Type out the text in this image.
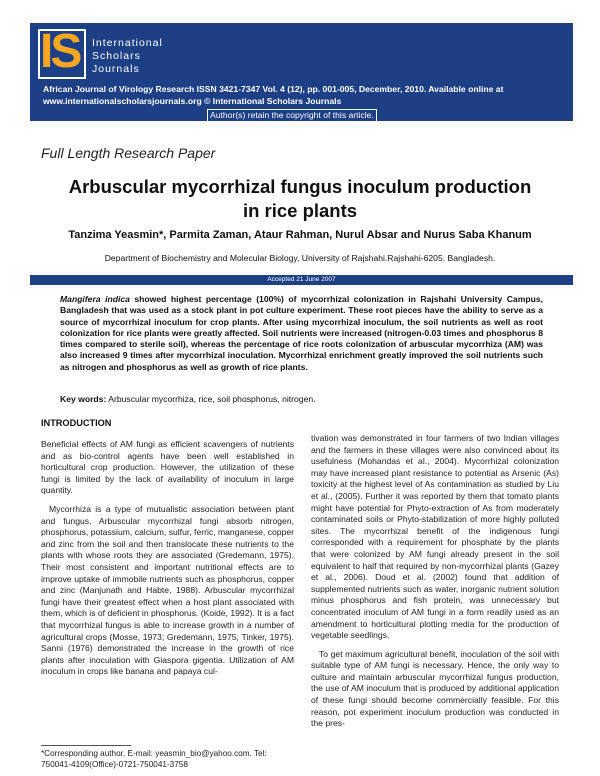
IS International
Scholars
Journals
African Journal of Virology Research ISSN 3421-7347 Vol. 4 (12), pp. 001-005, December, 2010. Available online at www.internationalscholarsjournals.org © International Scholars Journals
Author(s) retain the copyright of this article.
Full Length Research Paper
Arbuscular mycorrhizal fungus inoculum production in rice plants
Tanzima Yeasmin*, Parmita Zaman, Ataur Rahman, Nurul Absar and Nurus Saba Khanum
Department of Biochemistry and Molecular Biology, University of Rajshahi.Rajshahi-6205. Bangladesh.
Accepted 21 June 2007
Mangifera indica showed highest percentage (100%) of mycorrhizal colonization in Rajshahi University Campus, Bangladesh that was used as a stock plant in pot culture experiment. These root pieces have the ability to serve as a source of mycorrhizal inoculum for crop plants. After using mycorrhizal inoculum, the soil nutrients as well as root colonization for rice plants were greatly affected. Soil nutrients were increased (nitrogen-0.03 times and phosphorus 8 times compared to sterile soil), whereas the percentage of rice roots colonization of arbuscular mycorrhiza (AM) was also increased 9 times after mycorrhizal inoculation. Mycorrhizal enrichment greatly improved the soil nutrients such as nitrogen and phosphorus as well as growth of rice plants.
Key words: Arbuscular mycorrhiza, rice, soil phosphorus, nitrogen.
INTRODUCTION

Beneficial effects of AM fungi as efficient scavengers of nutrients and as bio-control agents have been well established in horticultural crop production. However, the utilization of these fungi is limited by the lack of availability of inoculum in large quantity.

Mycorrhiza is a type of mutualistic association between plant and fungus. Arbuscular mycorrhizal fungi absorb nitrogen, phosphorus, potassium, calcium, sulfur, ferric, manganese, copper and zinc from the soil and then translocate these nutrients to the plants with whose roots they are associated (Gredemann, 1975). Their most consistent and important nutritional effects are to improve uptake of immobile nutrients such as phosphorus, copper and zinc (Manjunath and Habte, 1988). Arbuscular mycorrhizal fungi have their greatest effect when a host plant associated with them, which is of deficient in phosphorus. (Koide, 1992). It is a fact that mycorrhizal fungus is able to increase growth in a number of agricultural crops (Mosse, 1973; Gredemann, 1975; Tinker, 1975). Sanni (1976) demonstrated the increase in the growth of rice plants after inoculation with Giaspora gigentia. Utilization of AM inoculum in crops like banana and papaya cul-

tivation was demonstrated in four farmers of two Indian villages and the farmers in these villages were also convinced about its usefulness (Mohandas et al., 2004). Mycorrhizal colonization may have increased plant resistance to potential as Arsenic (As) toxicity at the highest level of As contamination as studied by Liu et al., (2005). Further it was reported by them that tomato plants might have potential for Phyto-extraction of As from moderately contaminated soils or Phyto-stabilization of more highly polluted sites. The mycorrhizal benefit of the indigenous fungi corresponded with a requirement for phosphate by the plants that were colonized by AM fungi already present in the soil equivalent to half that required by non-mycorrhizal plants (Gazey et al., 2006). Doud et al. (2002) found that addition of supplemented nutrients such as water, inorganic nutrient solution minus phosphorus and fish protein, was unnecessary but concentrated inoculum of AM fungi in a form readily used as an amendment to horticultural plotting media for the production of vegetable seedlings.

To get maximum agricultural benefit, inoculation of the soil with suitable type of AM fungi is necessary. Hence, the only way to culture and maintain arbuscular mycorrhizal fungus production, the use of AM inoculum that is produced by additional application of these fungi should become commercially feasible. For this reason, pot experiment inoculum production was conducted in the pres-

*Corresponding author. E-mail: yeasmin_bio@yahoo.com. Tel: 750041-4109(Office)-0721-750041-3758
